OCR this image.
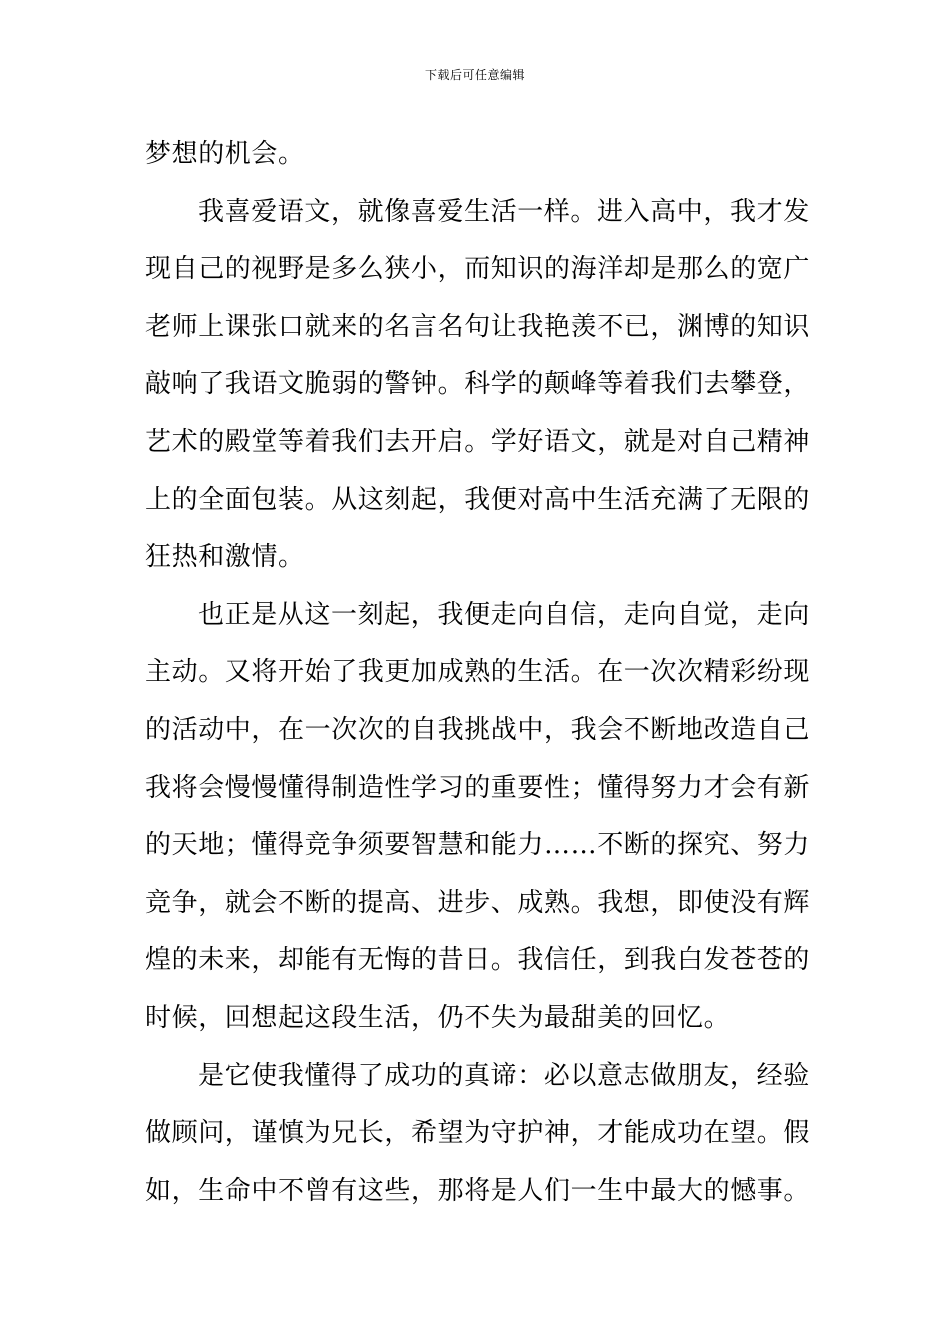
下载后可任意编辑
梦想的机会。
我喜爱语文，就像喜爱生活一样。进入高中，我才发
现自己的视野是多么狭小，而知识的海洋却是那么的宽广
老师上课张口就来的名言名句让我艳羡不已，渊博的知识
敲响了我语文脆弱的警钟。科学的颠峰等着我们去攀登，
艺术的殿堂等着我们去开启。学好语文，就是对自己精神
上的全面包装。从这刻起，我便对高中生活充满了无限的
狂热和激情。
也正是从这一刻起，我便走向自信，走向自觉，走向
主动。又将开始了我更加成熟的生活。在一次次精彩纷现
的活动中，在一次次的自我挑战中，我会不断地改造自己
我将会慢慢懂得制造性学习的重要性；懂得努力才会有新
的天地；懂得竞争须要智慧和能力……不断的探究、努力
竞争，就会不断的提高、进步、成熟。我想，即使没有辉
煌的未来，却能有无悔的昔日。我信任，到我白发苍苍的
时候，回想起这段生活，仍不失为最甜美的回忆。
是它使我懂得了成功的真谛：必以意志做朋友，经验
做顾问，谨慎为兄长，希望为守护神，才能成功在望。假
如，生命中不曾有这些，那将是人们一生中最大的憾事。
